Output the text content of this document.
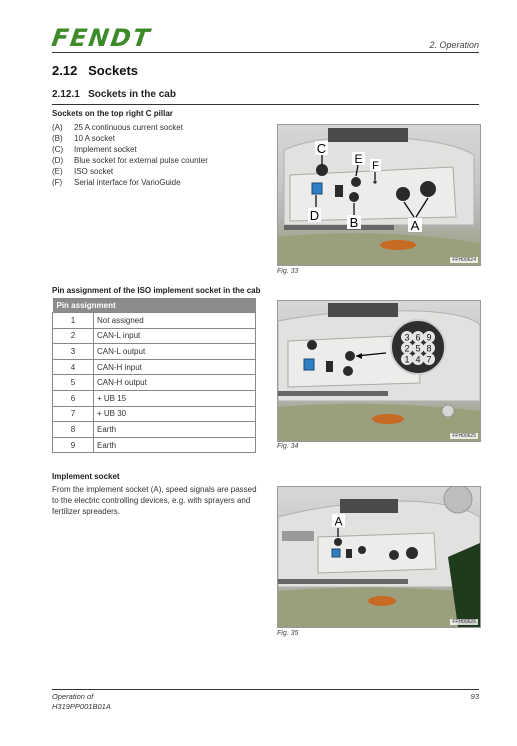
FENDT	2. Operation
2.12   Sockets
2.12.1   Sockets in the cab
Sockets on the top right C pillar
(A)	25 A continuous current socket
(B)	10 A socket
(C)	Implement socket
(D)	Blue socket for external pulse counter
(E)	ISO socket
(F)	Serial interface for VarioGuide
C
E F
D B	A
FFH00624
Fig. 33
Pin assignment of the ISO implement socket in the cab
Pin assignment	
1	Not assigned
2	CAN-L input
3	CAN-L output
4	CAN-H input
5	CAN-H output
6	+ UB 15
7	+ UB 30
8	Earth
9	Earth
3 6 9
2 5 8
1 4 7
FFH00625
Fig. 34
Implement socket
From the implement socket (A), speed signals are passed to the electric controlling devices, e.g. with sprayers and fertilizer spreaders.
A
FFH00626
Fig. 35
Operation of
H319PP001B01A
93
